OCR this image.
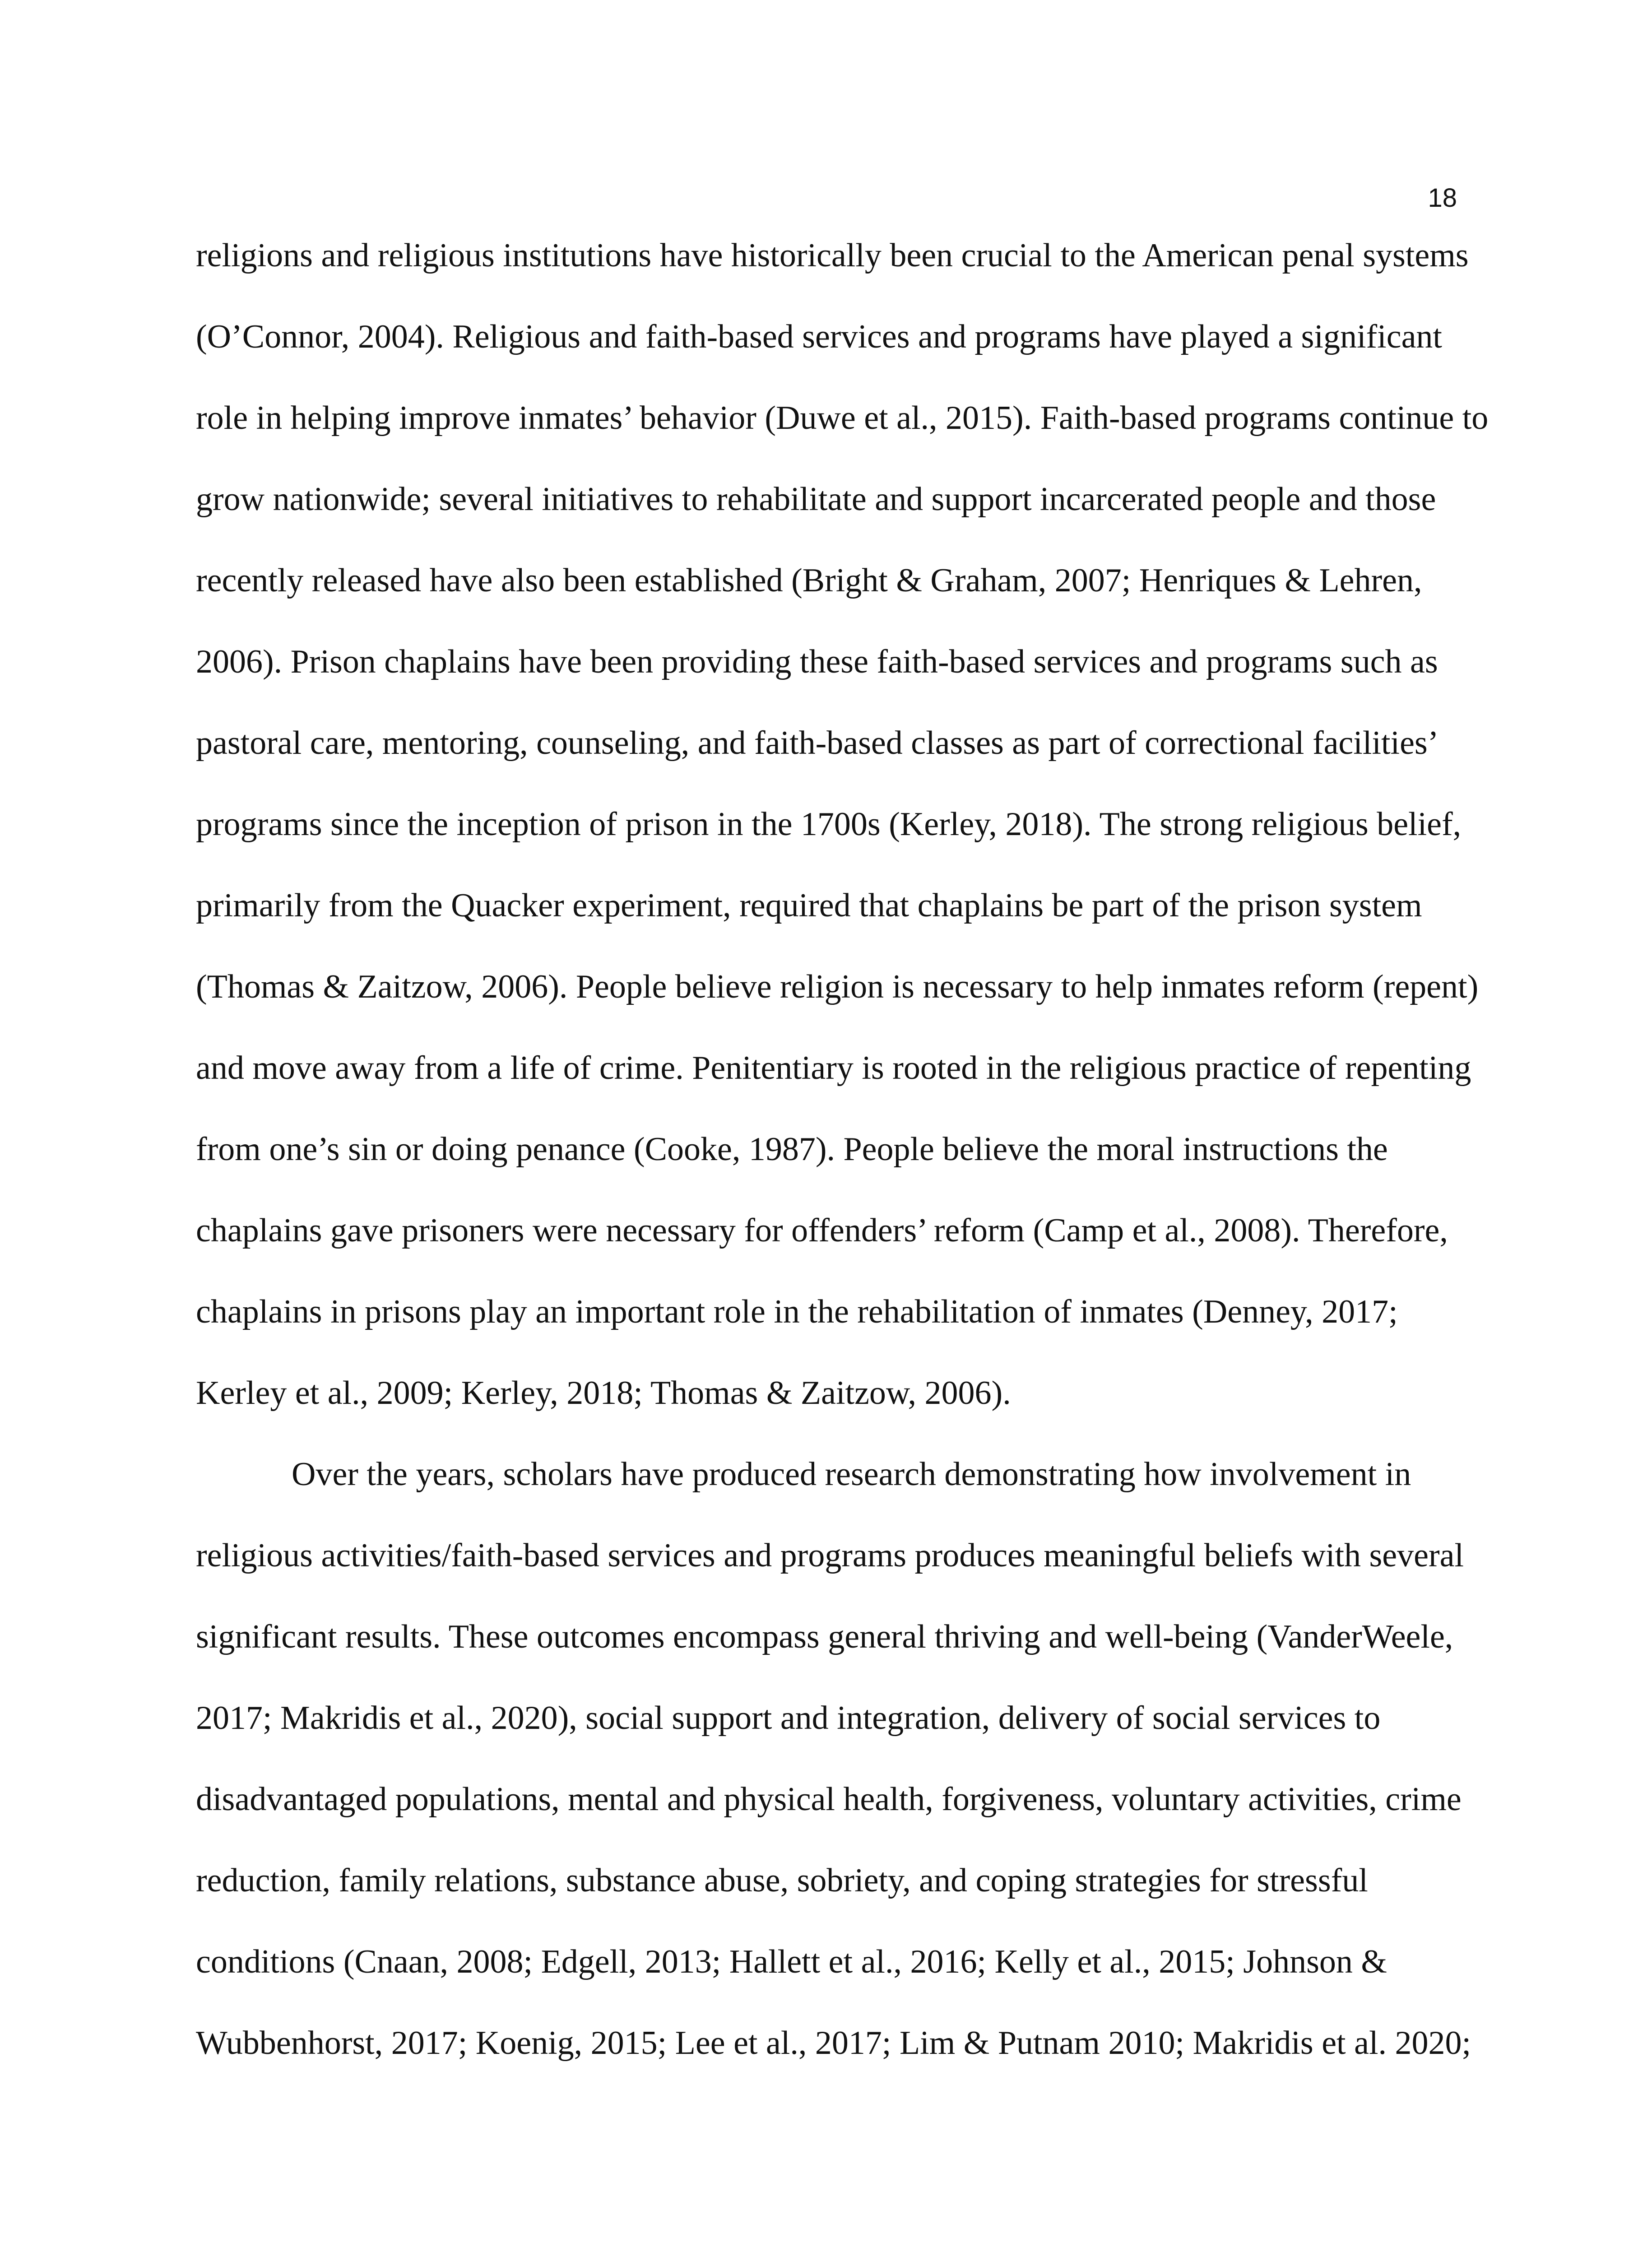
18
religions and religious institutions have historically been crucial to the American penal systems
(O’Connor, 2004). Religious and faith-based services and programs have played a significant
role in helping improve inmates’ behavior (Duwe et al., 2015). Faith-based programs continue to
grow nationwide; several initiatives to rehabilitate and support incarcerated people and those
recently released have also been established (Bright & Graham, 2007; Henriques & Lehren,
2006). Prison chaplains have been providing these faith-based services and programs such as
pastoral care, mentoring, counseling, and faith-based classes as part of correctional facilities’
programs since the inception of prison in the 1700s (Kerley, 2018). The strong religious belief,
primarily from the Quacker experiment, required that chaplains be part of the prison system
(Thomas & Zaitzow, 2006). People believe religion is necessary to help inmates reform (repent)
and move away from a life of crime. Penitentiary is rooted in the religious practice of repenting
from one’s sin or doing penance (Cooke, 1987). People believe the moral instructions the
chaplains gave prisoners were necessary for offenders’ reform (Camp et al., 2008). Therefore,
chaplains in prisons play an important role in the rehabilitation of inmates (Denney, 2017;
Kerley et al., 2009; Kerley, 2018; Thomas & Zaitzow, 2006).
Over the years, scholars have produced research demonstrating how involvement in
religious activities/faith-based services and programs produces meaningful beliefs with several
significant results. These outcomes encompass general thriving and well-being (VanderWeele,
2017; Makridis et al., 2020), social support and integration, delivery of social services to
disadvantaged populations, mental and physical health, forgiveness, voluntary activities, crime
reduction, family relations, substance abuse, sobriety, and coping strategies for stressful
conditions (Cnaan, 2008; Edgell, 2013; Hallett et al., 2016; Kelly et al., 2015; Johnson &
Wubbenhorst, 2017; Koenig, 2015; Lee et al., 2017; Lim & Putnam 2010; Makridis et al. 2020;
